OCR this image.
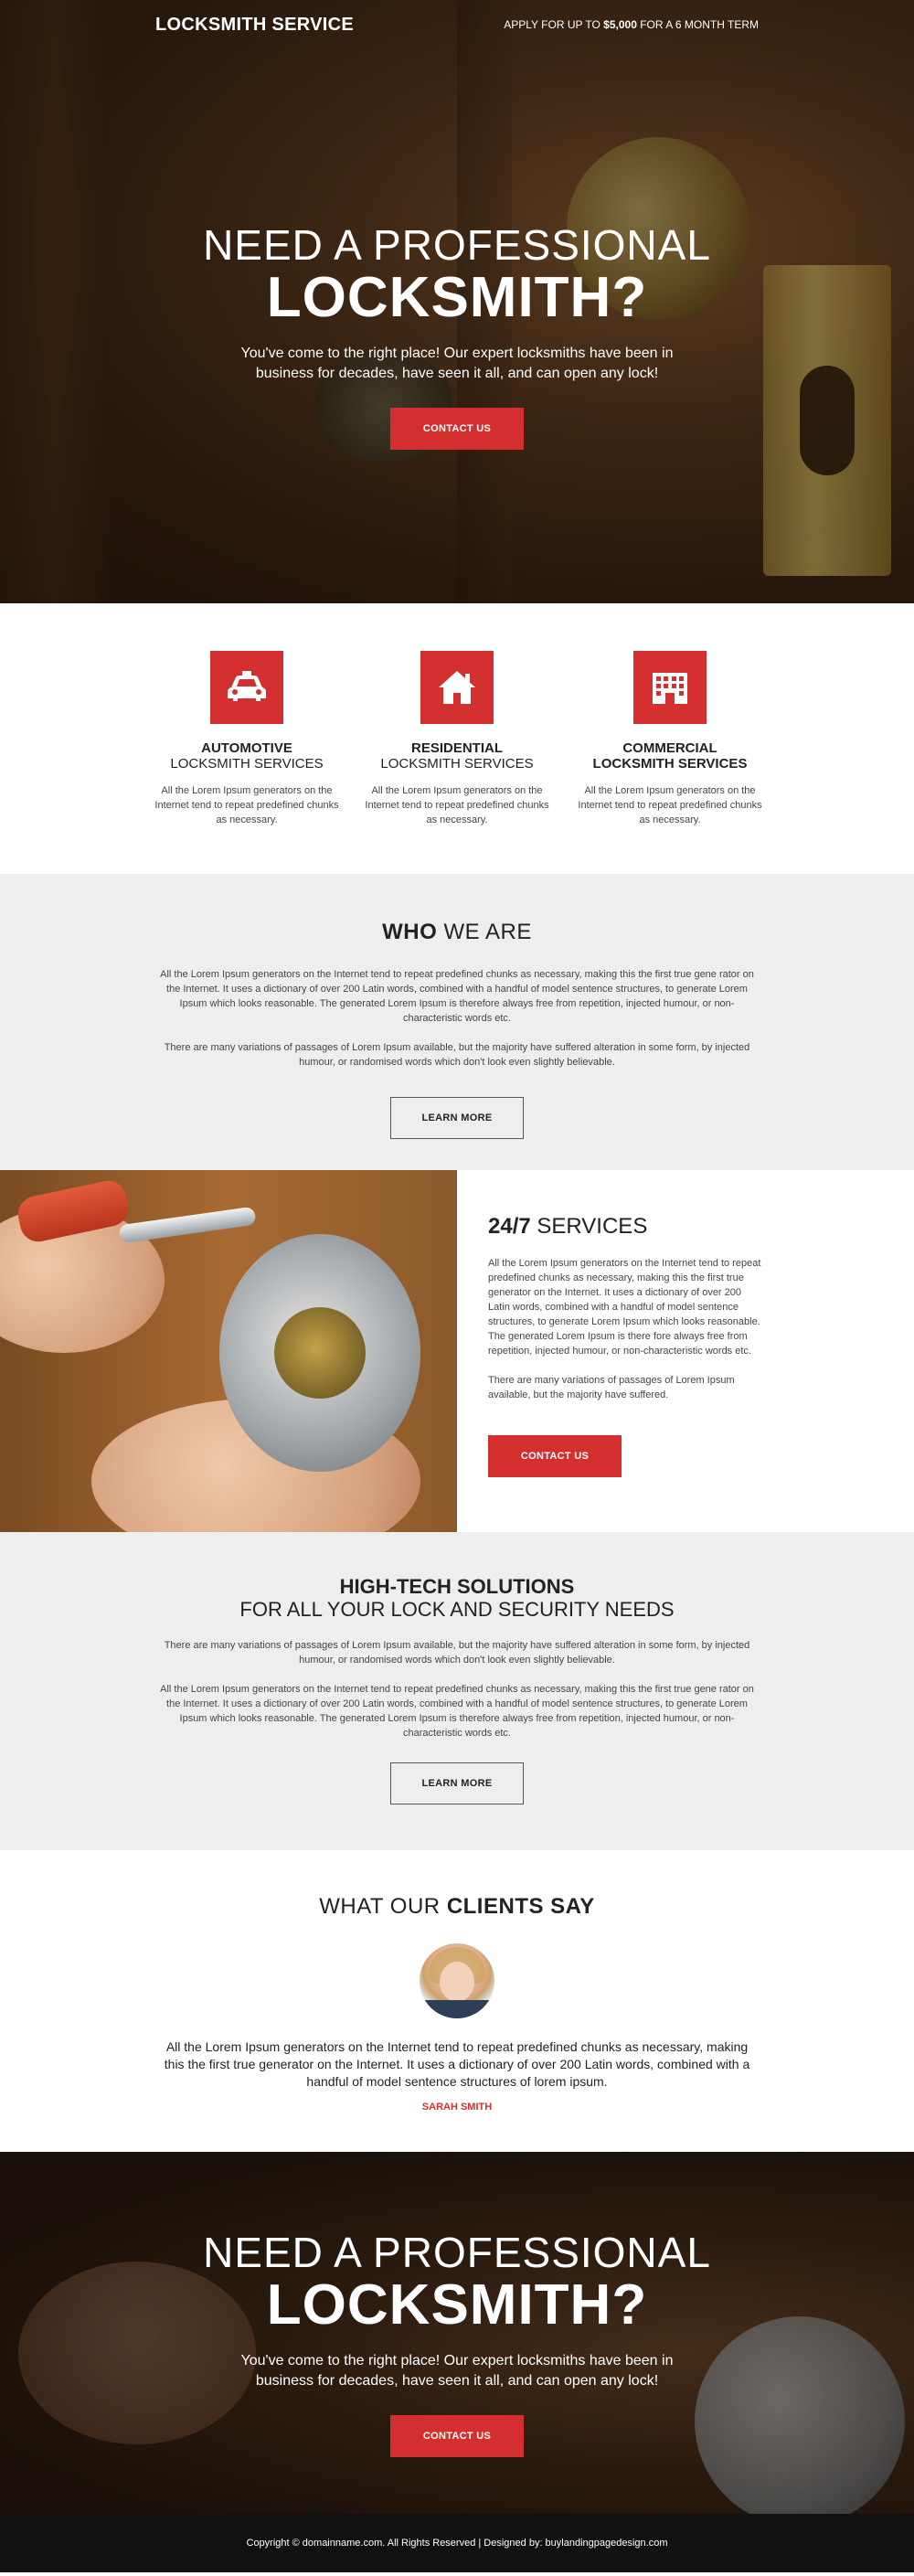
LOCKSMITH SERVICE	APPLY FOR UP TO $5,000 FOR A 6 MONTH TERM
NEED A PROFESSIONAL
LOCKSMITH?

You've come to the right place! Our expert locksmiths have been in business for decades, have seen it all, and can open any lock!

CONTACT US
AUTOMOTIVE
LOCKSMITH SERVICES

All the Lorem Ipsum generators on the Internet tend to repeat predefined chunks as necessary.

RESIDENTIAL
LOCKSMITH SERVICES

All the Lorem Ipsum generators on the Internet tend to repeat predefined chunks as necessary.

COMMERCIAL
LOCKSMITH SERVICES

All the Lorem Ipsum generators on the Internet tend to repeat predefined chunks as necessary.

WHO WE ARE

All the Lorem Ipsum generators on the Internet tend to repeat predefined chunks as necessary, making this the first true gene rator on the Internet. It uses a dictionary of over 200 Latin words, combined with a handful of model sentence structures, to generate Lorem Ipsum which looks reasonable. The generated Lorem Ipsum is therefore always free from repetition, injected humour, or non-characteristic words etc.

There are many variations of passages of Lorem Ipsum available, but the majority have suffered alteration in some form, by injected humour, or randomised words which don't look even slightly believable.

LEARN MORE
24/7 SERVICES

All the Lorem Ipsum generators on the Internet tend to repeat predefined chunks as necessary, making this the first true generator on the Internet. It uses a dictionary of over 200 Latin words, combined with a handful of model sentence structures, to generate Lorem Ipsum which looks reasonable. The generated Lorem Ipsum is there fore always free from repetition, injected humour, or non-characteristic words etc.

There are many variations of passages of Lorem Ipsum available, but the majority have suffered.

CONTACT US
HIGH-TECH SOLUTIONS
FOR ALL YOUR LOCK AND SECURITY NEEDS

There are many variations of passages of Lorem Ipsum available, but the majority have suffered alteration in some form, by injected humour, or randomised words which don't look even slightly believable.

All the Lorem Ipsum generators on the Internet tend to repeat predefined chunks as necessary, making this the first true gene rator on the Internet. It uses a dictionary of over 200 Latin words, combined with a handful of model sentence structures, to generate Lorem Ipsum which looks reasonable. The generated Lorem Ipsum is therefore always free from repetition, injected humour, or non-characteristic words etc.

LEARN MORE
WHAT OUR CLIENTS SAY

All the Lorem Ipsum generators on the Internet tend to repeat predefined chunks as necessary, making this the first true generator on the Internet. It uses a dictionary of over 200 Latin words, combined with a handful of model sentence structures of lorem ipsum.

SARAH SMITH
NEED A PROFESSIONAL
LOCKSMITH?

You've come to the right place! Our expert locksmiths have been in business for decades, have seen it all, and can open any lock!

CONTACT US
Copyright © domainname.com. All Rights Reserved | Designed by: buylandingpagedesign.com
